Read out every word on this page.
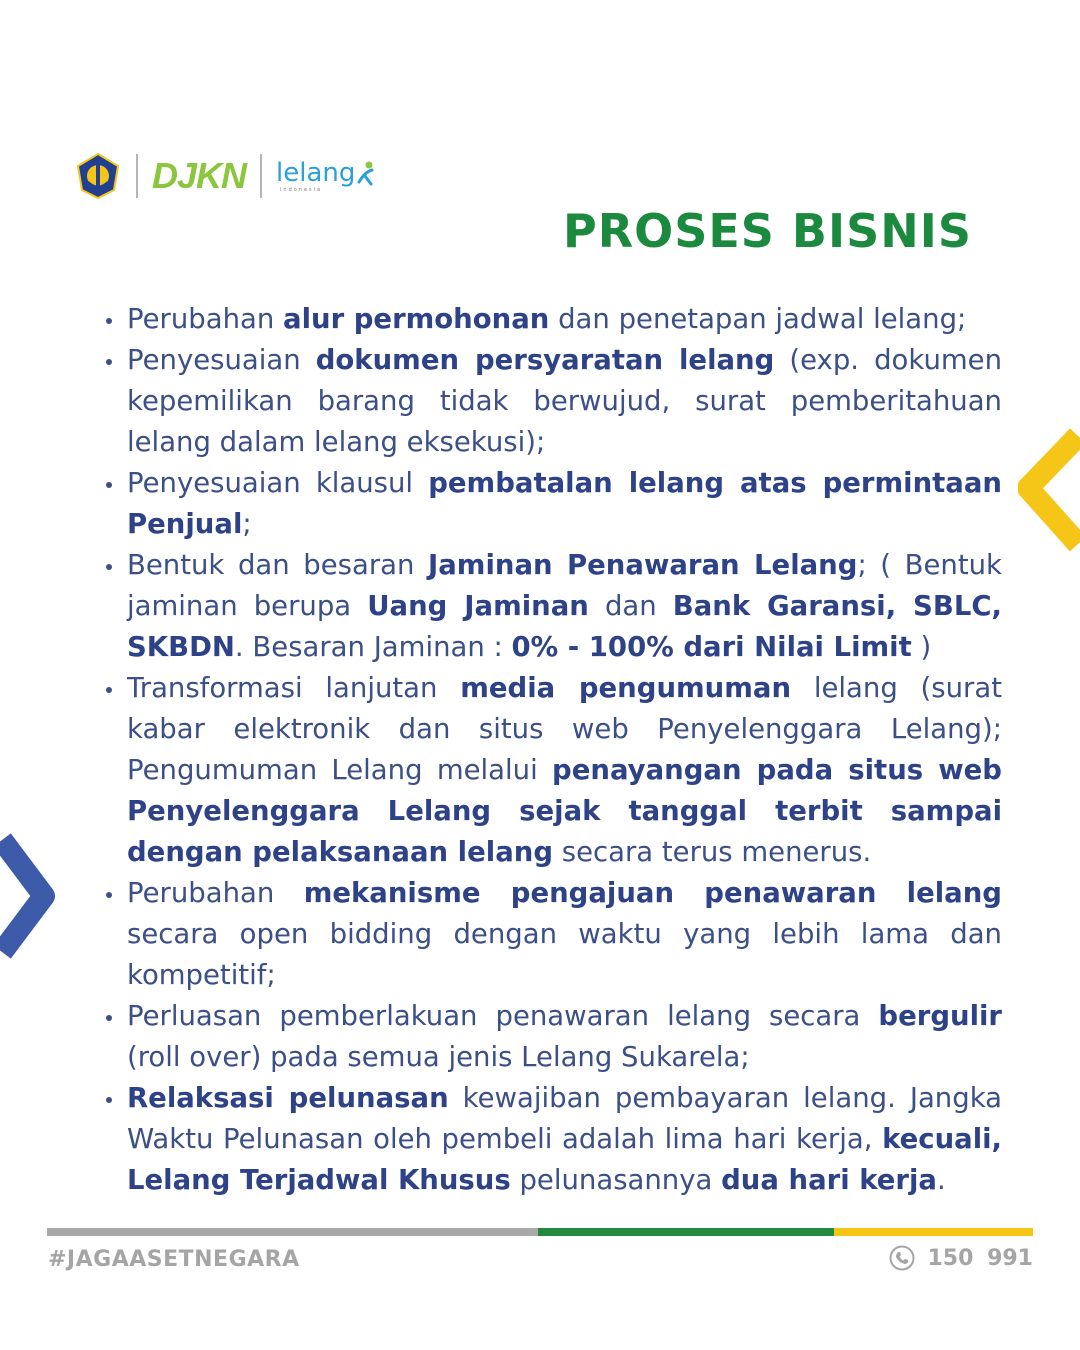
DJKN lelang
indonesia
PROSES BISNIS
Perubahan alur permohonan dan penetapan jadwal lelang;
Penyesuaian dokumen persyaratan lelang (exp. dokumen kepemilikan barang tidak berwujud, surat pemberitahuan lelang dalam lelang eksekusi);
Penyesuaian klausul pembatalan lelang atas permintaan Penjual;
Bentuk dan besaran Jaminan Penawaran Lelang; ( Bentuk jaminan berupa Uang Jaminan dan Bank Garansi, SBLC, SKBDN. Besaran Jaminan : 0% - 100% dari Nilai Limit )
Transformasi lanjutan media pengumuman lelang (surat kabar elektronik dan situs web Penyelenggara Lelang); Pengumuman Lelang melalui penayangan pada situs web Penyelenggara Lelang sejak tanggal terbit sampai dengan pelaksanaan lelang secara terus menerus.
Perubahan mekanisme pengajuan penawaran lelang secara open bidding dengan waktu yang lebih lama dan kompetitif;
Perluasan pemberlakuan penawaran lelang secara bergulir (roll over) pada semua jenis Lelang Sukarela;
Relaksasi pelunasan kewajiban pembayaran lelang. Jangka Waktu Pelunasan oleh pembeli adalah lima hari kerja, kecuali, Lelang Terjadwal Khusus pelunasannya dua hari kerja.
#JAGAASETNEGARA	150 991
